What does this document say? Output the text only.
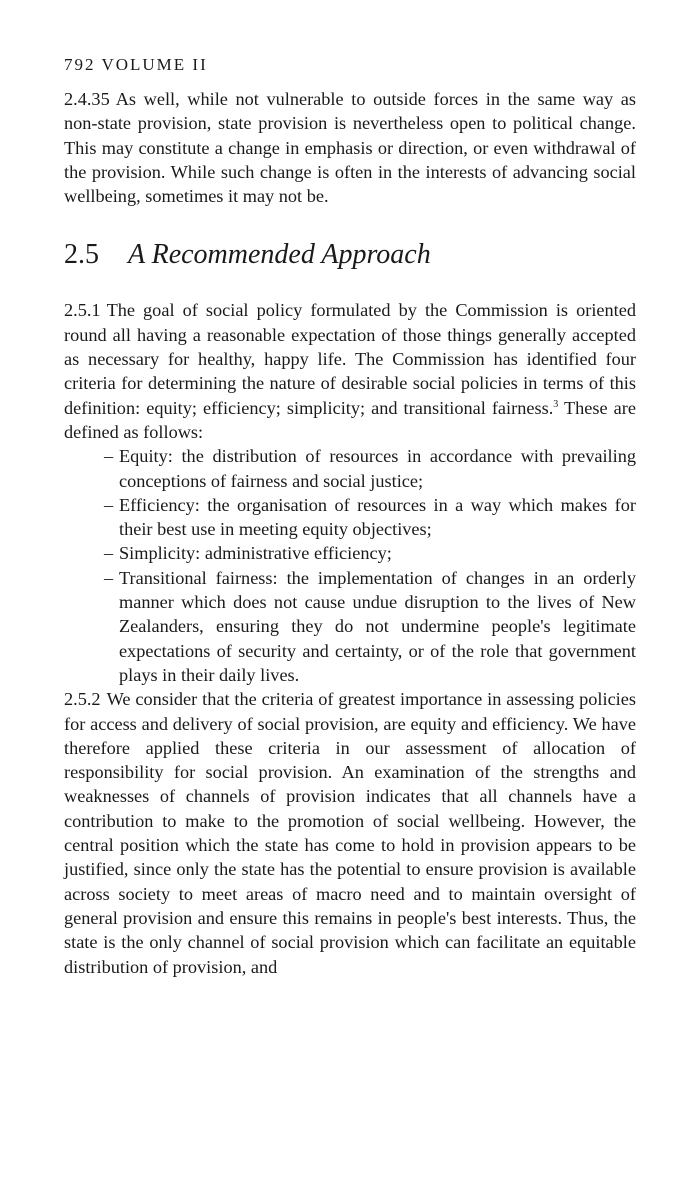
792 VOLUME II

2.4.35 As well, while not vulnerable to outside forces in the same way as non-state provision, state provision is nevertheless open to political change. This may constitute a change in emphasis or direction, or even withdrawal of the provision. While such change is often in the interests of advancing social wellbeing, sometimes it may not be.

2.5 A Recommended Approach

2.5.1 The goal of social policy formulated by the Commission is oriented round all having a reasonable expectation of those things generally accepted as necessary for healthy, happy life. The Commission has identified four criteria for determining the nature of desirable social policies in terms of this definition: equity; efficiency; simplicity; and transitional fairness.$^3$ These are defined as follows:

– Equity: the distribution of resources in accordance with prevailing conceptions of fairness and social justice;
– Efficiency: the organisation of resources in a way which makes for their best use in meeting equity objectives;
– Simplicity: administrative efficiency;
– Transitional fairness: the implementation of changes in an orderly manner which does not cause undue disruption to the lives of New Zealanders, ensuring they do not undermine people's legitimate expectations of security and certainty, or of the role that government plays in their daily lives.

2.5.2 We consider that the criteria of greatest importance in assessing policies for access and delivery of social provision, are equity and efficiency. We have therefore applied these criteria in our assessment of allocation of responsibility for social provision. An examination of the strengths and weaknesses of channels of provision indicates that all channels have a contribution to make to the promotion of social wellbeing. However, the central position which the state has come to hold in provision appears to be justified, since only the state has the potential to ensure provision is available across society to meet areas of macro need and to maintain oversight of general provision and ensure this remains in people's best interests. Thus, the state is the only channel of social provision which can facilitate an equitable distribution of provision, and
